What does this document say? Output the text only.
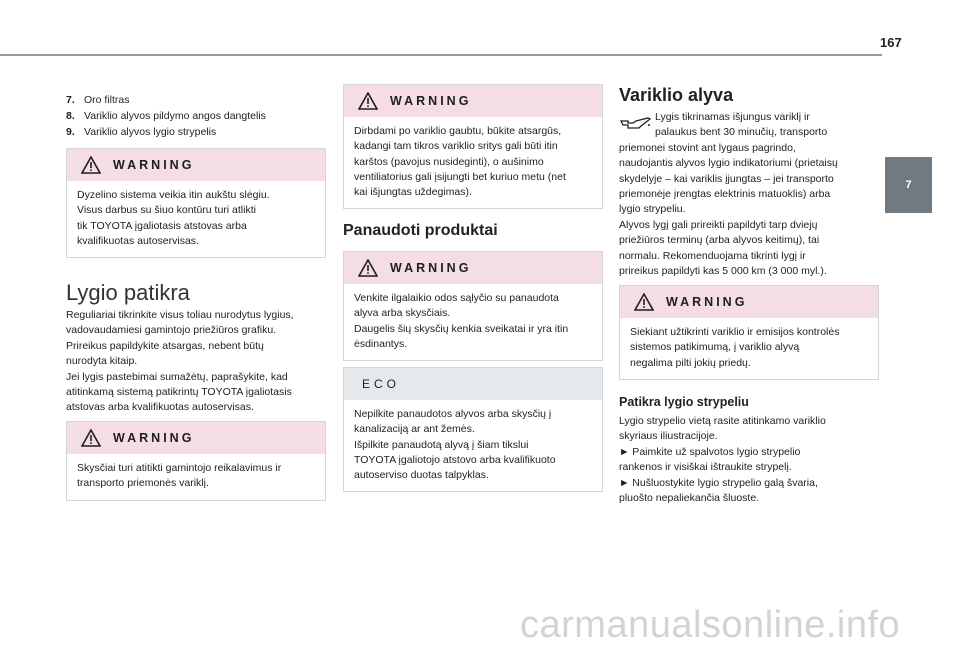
167
7
7. Oro filtras
8. Variklio alyvos pildymo angos dangtelis
9. Variklio alyvos lygio strypelis
WARNING
Dyzelino sistema veikia itin aukštu slėgiu.
Visus darbus su šiuo kontūru turi atlikti
tik TOYOTA įgaliotasis atstovas arba
kvalifikuotas autoservisas.
Lygio patikra
Reguliariai tikrinkite visus toliau nurodytus lygius,
vadovaudamiesi gamintojo priežiūros grafiku.
Prireikus papildykite atsargas, nebent būtų
nurodyta kitaip.
Jei lygis pastebimai sumažėtų, paprašykite, kad
atitinkamą sistemą patikrintų TOYOTA įgaliotasis
atstovas arba kvalifikuotas autoservisas.
WARNING
Skysčiai turi atitikti gamintojo reikalavimus ir
transporto priemonės variklį.
WARNING
Dirbdami po variklio gaubtu, būkite atsargūs,
kadangi tam tikros variklio sritys gali būti itin
karštos (pavojus nusideginti), o aušinimo
ventiliatorius gali įsijungti bet kuriuo metu (net
kai išjungtas uždegimas).
Panaudoti produktai
WARNING
Venkite ilgalaikio odos sąlyčio su panaudota
alyva arba skysčiais.
Daugelis šių skysčių kenkia sveikatai ir yra itin
ėsdinantys.
ECO
Nepilkite panaudotos alyvos arba skysčių į
kanalizaciją ar ant žemės.
Išpilkite panaudotą alyvą į šiam tikslui
TOYOTA įgaliotojo atstovo arba kvalifikuoto
autoserviso duotas talpyklas.
Variklio alyva
Lygis tikrinamas išjungus variklį ir
palaukus bent 30 minučių, transporto
priemonei stovint ant lygaus pagrindo,
naudojantis alyvos lygio indikatoriumi (prietaisų
skydelyje – kai variklis įjungtas – jei transporto
priemonėje įrengtas elektrinis matuoklis) arba
lygio strypeliu.
Alyvos lygį gali prireikti papildyti tarp dviejų
priežiūros terminų (arba alyvos keitimų), tai
normalu. Rekomenduojama tikrinti lygį ir
prireikus papildyti kas 5 000 km (3 000 myl.).
WARNING
Siekiant užtikrinti variklio ir emisijos kontrolės
sistemos patikimumą, į variklio alyvą
negalima pilti jokių priedų.
Patikra lygio strypeliu
Lygio strypelio vietą rasite atitinkamo variklio
skyriaus iliustracijoje.
► Paimkite už spalvotos lygio strypelio
rankenos ir visiškai ištraukite strypelį.
► Nušluostykite lygio strypelio galą švaria,
pluošto nepaliekančia šluoste.
carmanualsonline.info
